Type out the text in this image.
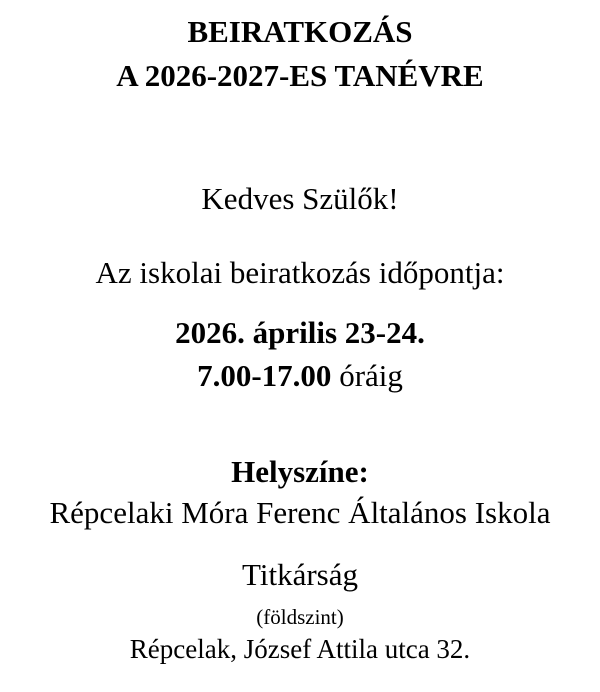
BEIRATKOZÁS
A 2026-2027-ES TANÉVRE
Kedves Szülők!
Az iskolai beiratkozás időpontja:
2026. április 23-24.
7.00-17.00 óráig
Helyszíne:
Répcelaki Móra Ferenc Általános Iskola
Titkárság
(földszint)
Répcelak, József Attila utca 32.
